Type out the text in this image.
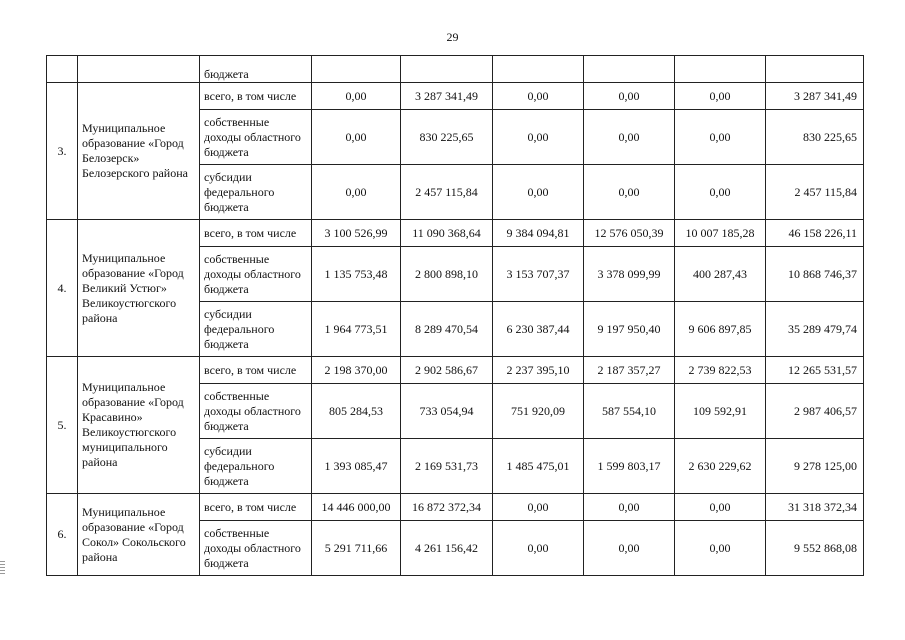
29
		бюджета						
3.	Муниципальное образование «Город Белозерск» Белозерского района	всего, в том числе	0,00	3 287 341,49	0,00	0,00	0,00	3 287 341,49
		собственные доходы областного бюджета	0,00	830 225,65	0,00	0,00	0,00	830 225,65
		субсидии федерального бюджета	0,00	2 457 115,84	0,00	0,00	0,00	2 457 115,84
4.	Муниципальное образование «Город Великий Устюг» Великоустюгского района	всего, в том числе	3 100 526,99	11 090 368,64	9 384 094,81	12 576 050,39	10 007 185,28	46 158 226,11
		собственные доходы областного бюджета	1 135 753,48	2 800 898,10	3 153 707,37	3 378 099,99	400 287,43	10 868 746,37
		субсидии федерального бюджета	1 964 773,51	8 289 470,54	6 230 387,44	9 197 950,40	9 606 897,85	35 289 479,74
5.	Муниципальное образование «Город Красавино» Великоустюгского муниципального района	всего, в том числе	2 198 370,00	2 902 586,67	2 237 395,10	2 187 357,27	2 739 822,53	12 265 531,57
		собственные доходы областного бюджета	805 284,53	733 054,94	751 920,09	587 554,10	109 592,91	2 987 406,57
		субсидии федерального бюджета	1 393 085,47	2 169 531,73	1 485 475,01	1 599 803,17	2 630 229,62	9 278 125,00
6.	Муниципальное образование «Город Сокол» Сокольского района	всего, в том числе	14 446 000,00	16 872 372,34	0,00	0,00	0,00	31 318 372,34
		собственные доходы областного бюджета	5 291 711,66	4 261 156,42	0,00	0,00	0,00	9 552 868,08
